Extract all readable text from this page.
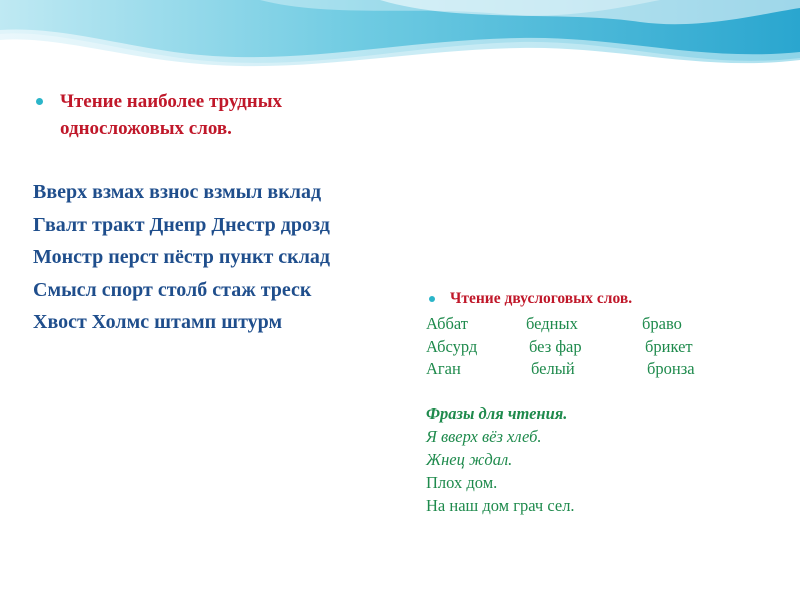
Чтение наиболее трудных
односложовых слов.
Вверх взмах взнос взмыл вклад
Гвалт тракт Днепр Днестр дрозд
Монстр перст пёстр пункт склад
Смысл спорт столб стаж треск
Хвост Холмс штамп штурм
Чтение двуслоговых слов.
Аббат	бедных	браво
Абсурд	без фар	брикет
Аган	белый	бронза
Фразы для чтения.
Я вверх вёз хлеб.
Жнец ждал.
Плох дом.
На наш дом грач сел.
